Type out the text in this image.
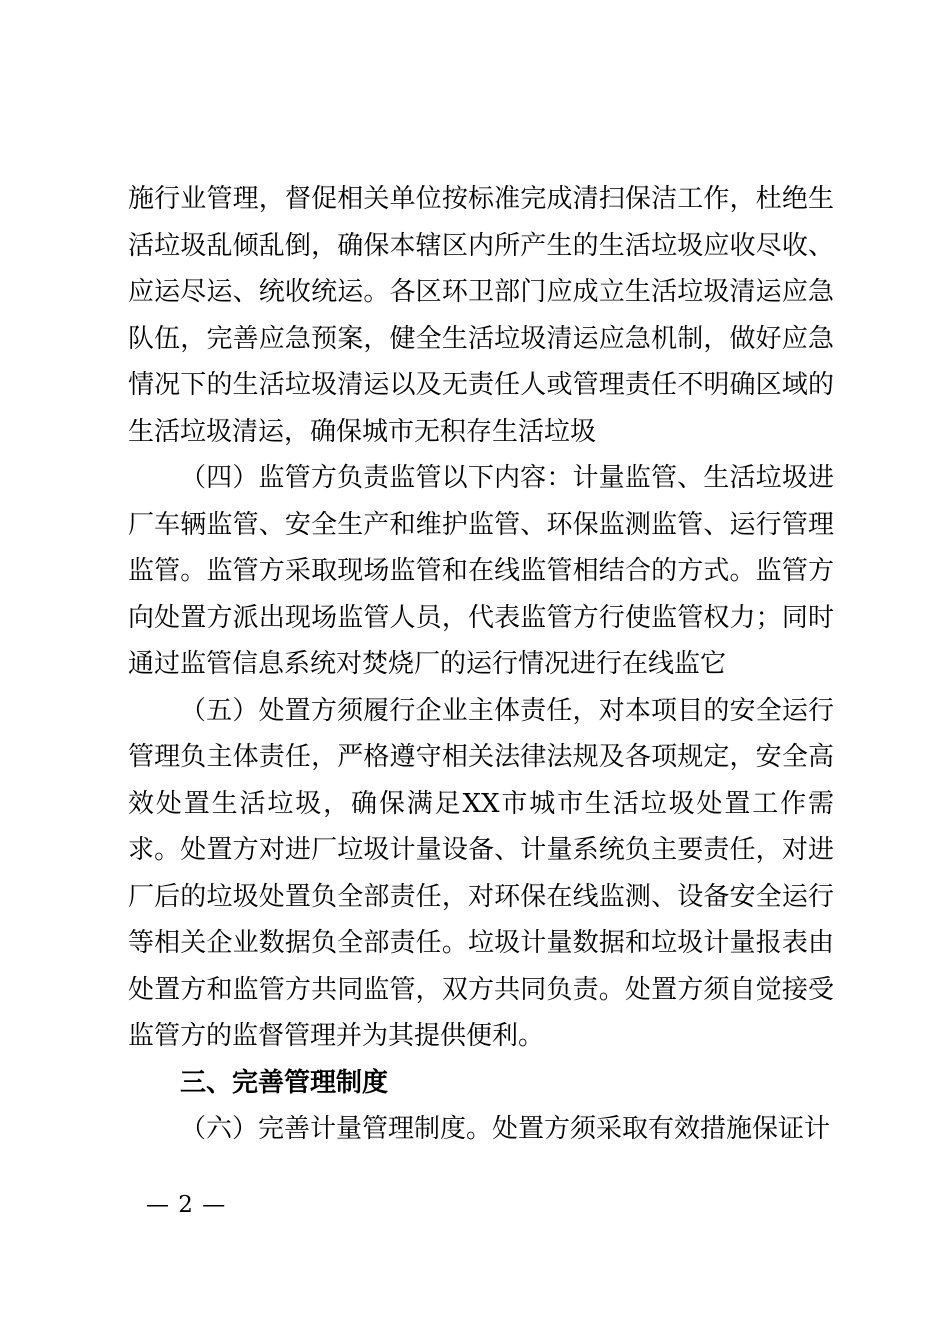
施行业管理，督促相关单位按标准完成清扫保洁工作，杜绝生活垃圾乱倾乱倒，确保本辖区内所产生的生活垃圾应收尽收、应运尽运、统收统运。各区环卫部门应成立生活垃圾清运应急队伍，完善应急预案，健全生活垃圾清运应急机制，做好应急情况下的生活垃圾清运以及无责任人或管理责任不明确区域的生活垃圾清运，确保城市无积存生活垃圾

（四）监管方负责监管以下内容：计量监管、生活垃圾进厂车辆监管、安全生产和维护监管、环保监测监管、运行管理监管。监管方采取现场监管和在线监管相结合的方式。监管方向处置方派出现场监管人员，代表监管方行使监管权力；同时通过监管信息系统对焚烧厂的运行情况进行在线监它

（五）处置方须履行企业主体责任，对本项目的安全运行管理负主体责任，严格遵守相关法律法规及各项规定，安全高效处置生活垃圾，确保满足XX市城市生活垃圾处置工作需求。处置方对进厂垃圾计量设备、计量系统负主要责任，对进厂后的垃圾处置负全部责任，对环保在线监测、设备安全运行等相关企业数据负全部责任。垃圾计量数据和垃圾计量报表由处置方和监管方共同监管，双方共同负责。处置方须自觉接受监管方的监督管理并为其提供便利。

三、完善管理制度

（六）完善计量管理制度。处置方须采取有效措施保证计

— 2 —
